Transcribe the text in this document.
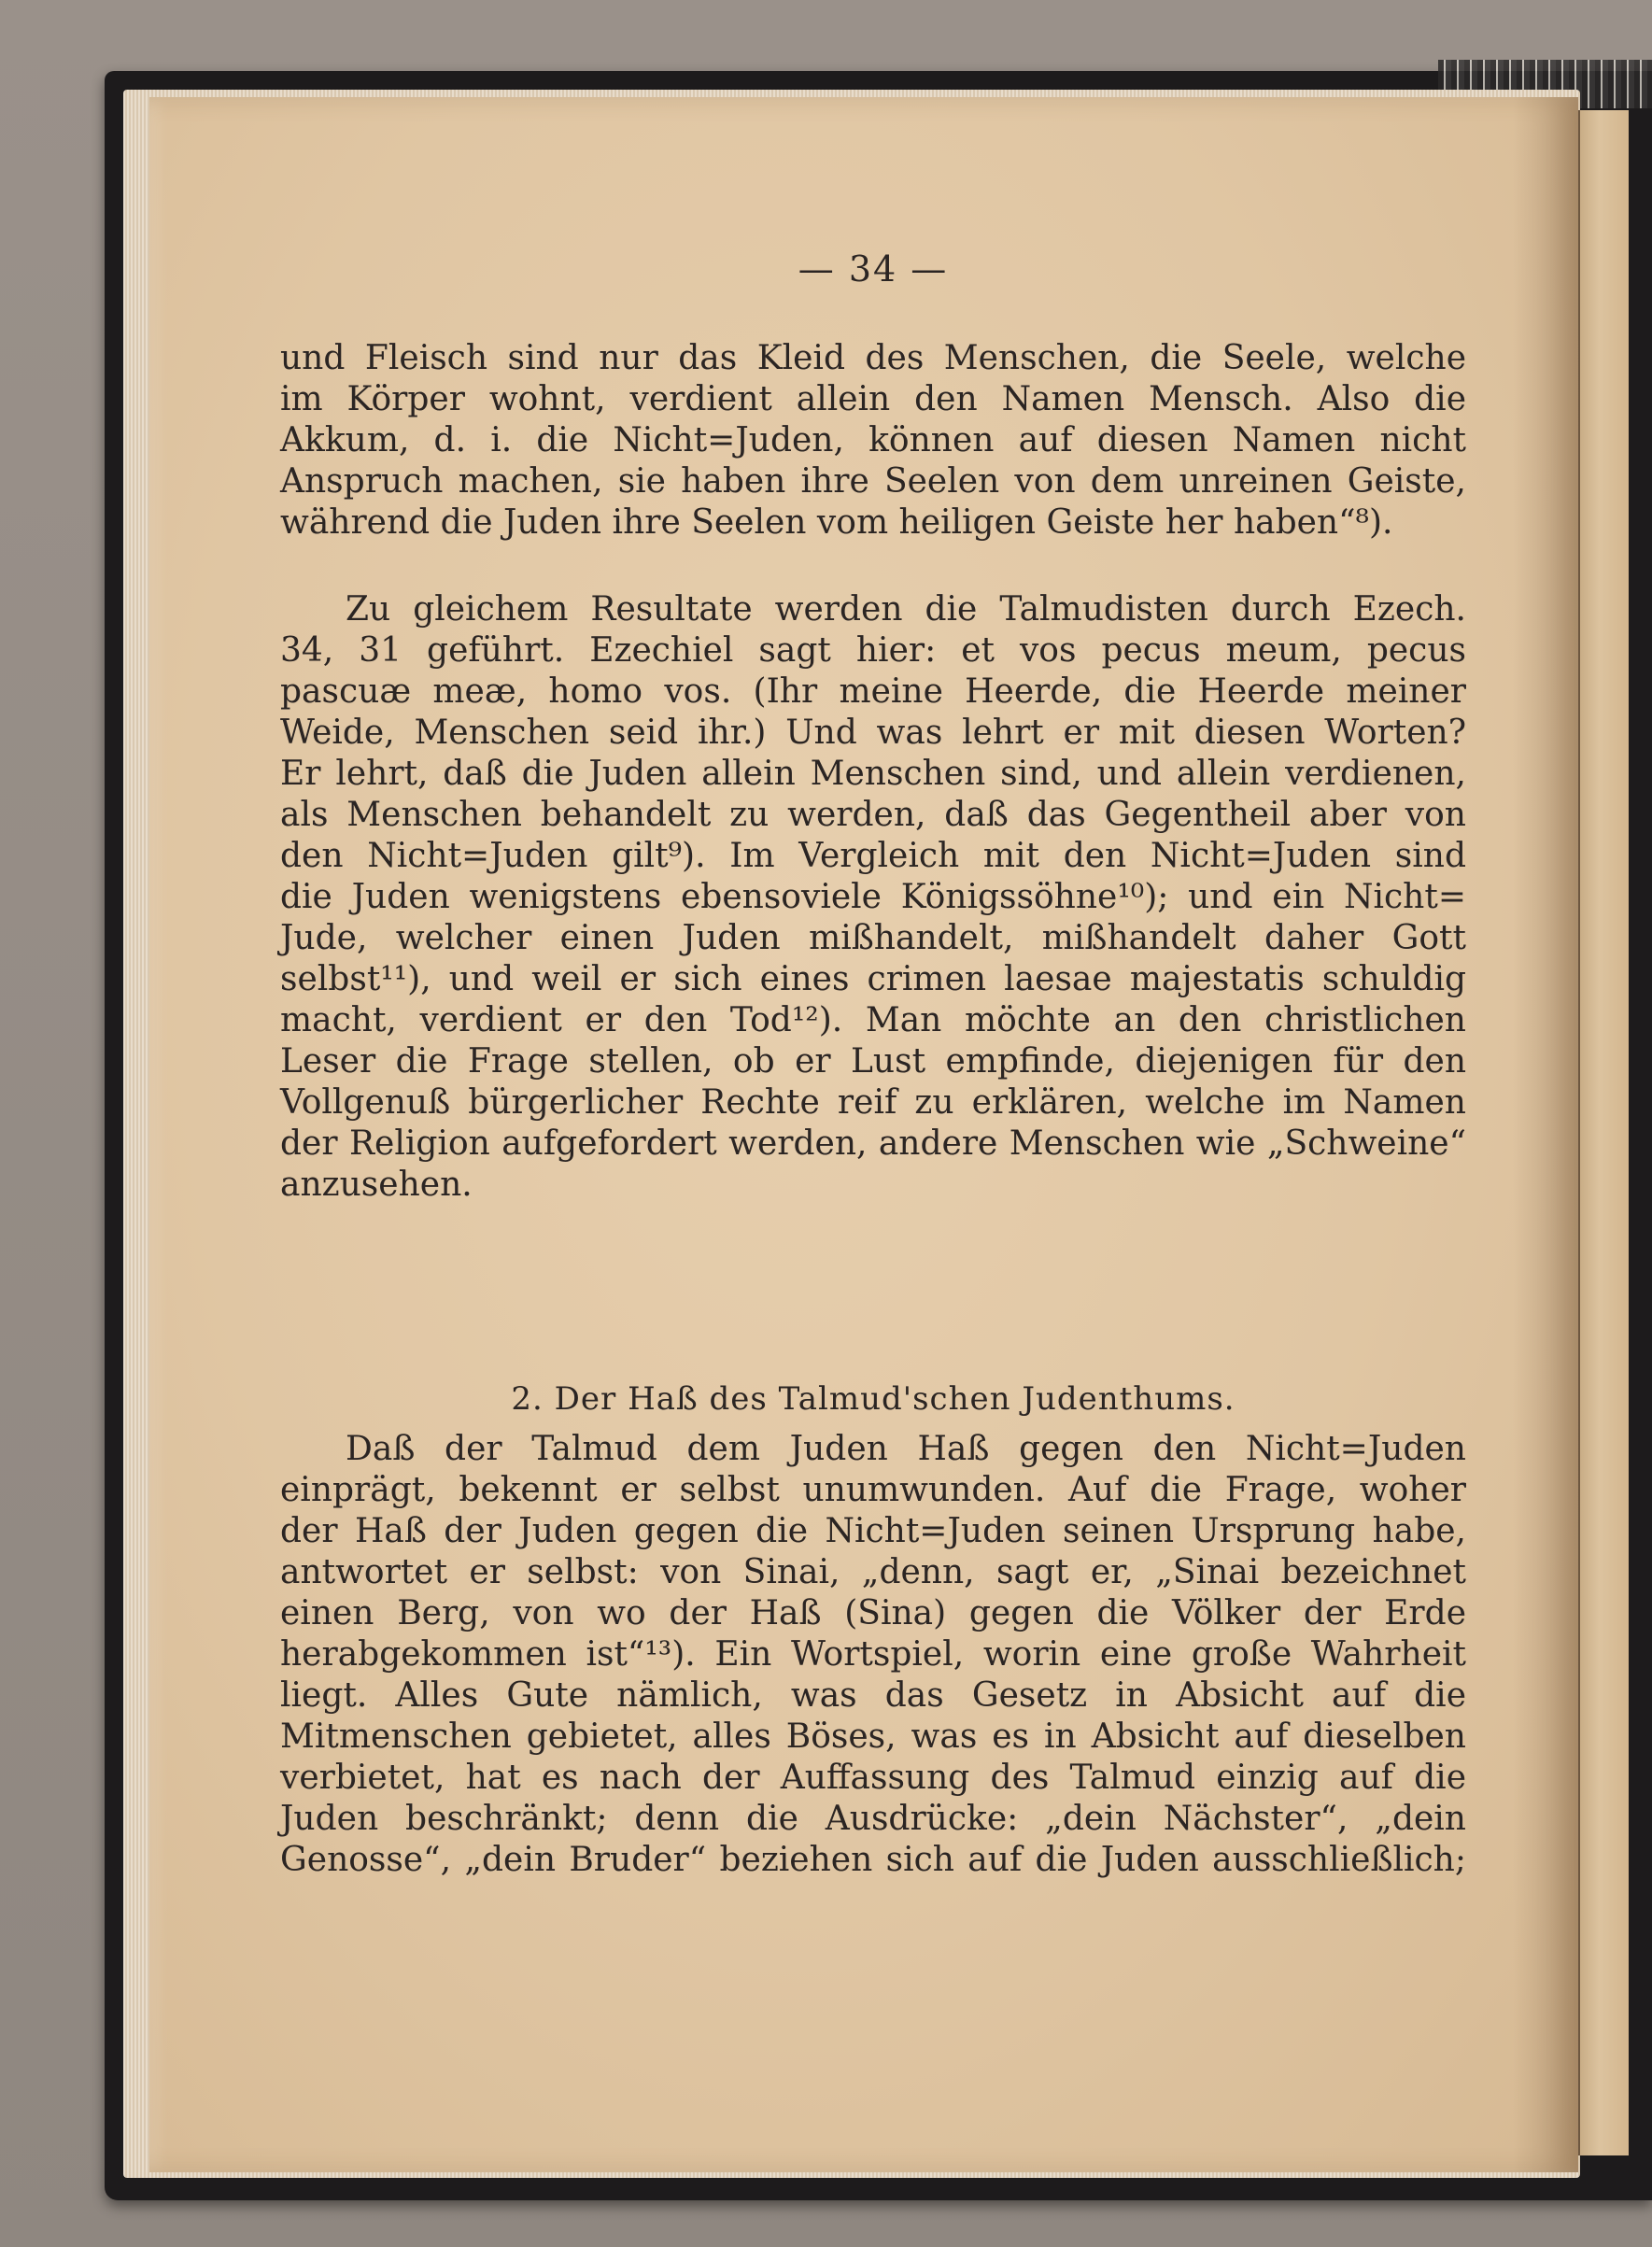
— 34 —
und Fleisch sind nur das Kleid des Menschen, die Seele, welche
im Körper wohnt, verdient allein den Namen Mensch. Also die
Akkum, d. i. die Nicht=Juden, können auf diesen Namen nicht
Anspruch machen, sie haben ihre Seelen von dem unreinen Geiste,
während die Juden ihre Seelen vom heiligen Geiste her haben“⁸).
Zu gleichem Resultate werden die Talmudisten durch Ezech.
34, 31 geführt. Ezechiel sagt hier: et vos pecus meum, pecus
pascuæ meæ, homo vos. (Ihr meine Heerde, die Heerde meiner
Weide, Menschen seid ihr.) Und was lehrt er mit diesen Worten?
Er lehrt, daß die Juden allein Menschen sind, und allein verdienen,
als Menschen behandelt zu werden, daß das Gegentheil aber von
den Nicht=Juden gilt⁹). Im Vergleich mit den Nicht=Juden sind
die Juden wenigstens ebensoviele Königssöhne¹⁰); und ein Nicht=
Jude, welcher einen Juden mißhandelt, mißhandelt daher Gott
selbst¹¹), und weil er sich eines crimen laesae majestatis schuldig
macht, verdient er den Tod¹²). Man möchte an den christlichen
Leser die Frage stellen, ob er Lust empfinde, diejenigen für den
Vollgenuß bürgerlicher Rechte reif zu erklären, welche im Namen
der Religion aufgefordert werden, andere Menschen wie „Schweine“
anzusehen.
2. Der Haß des Talmud'schen Judenthums.
Daß der Talmud dem Juden Haß gegen den Nicht=Juden
einprägt, bekennt er selbst unumwunden. Auf die Frage, woher
der Haß der Juden gegen die Nicht=Juden seinen Ursprung habe,
antwortet er selbst: von Sinai, „denn, sagt er, „Sinai bezeichnet
einen Berg, von wo der Haß (Sina) gegen die Völker der Erde
herabgekommen ist“¹³). Ein Wortspiel, worin eine große Wahrheit
liegt. Alles Gute nämlich, was das Gesetz in Absicht auf die
Mitmenschen gebietet, alles Böses, was es in Absicht auf dieselben
verbietet, hat es nach der Auffassung des Talmud einzig auf die
Juden beschränkt; denn die Ausdrücke: „dein Nächster“, „dein
Genosse“, „dein Bruder“ beziehen sich auf die Juden ausschließlich;
